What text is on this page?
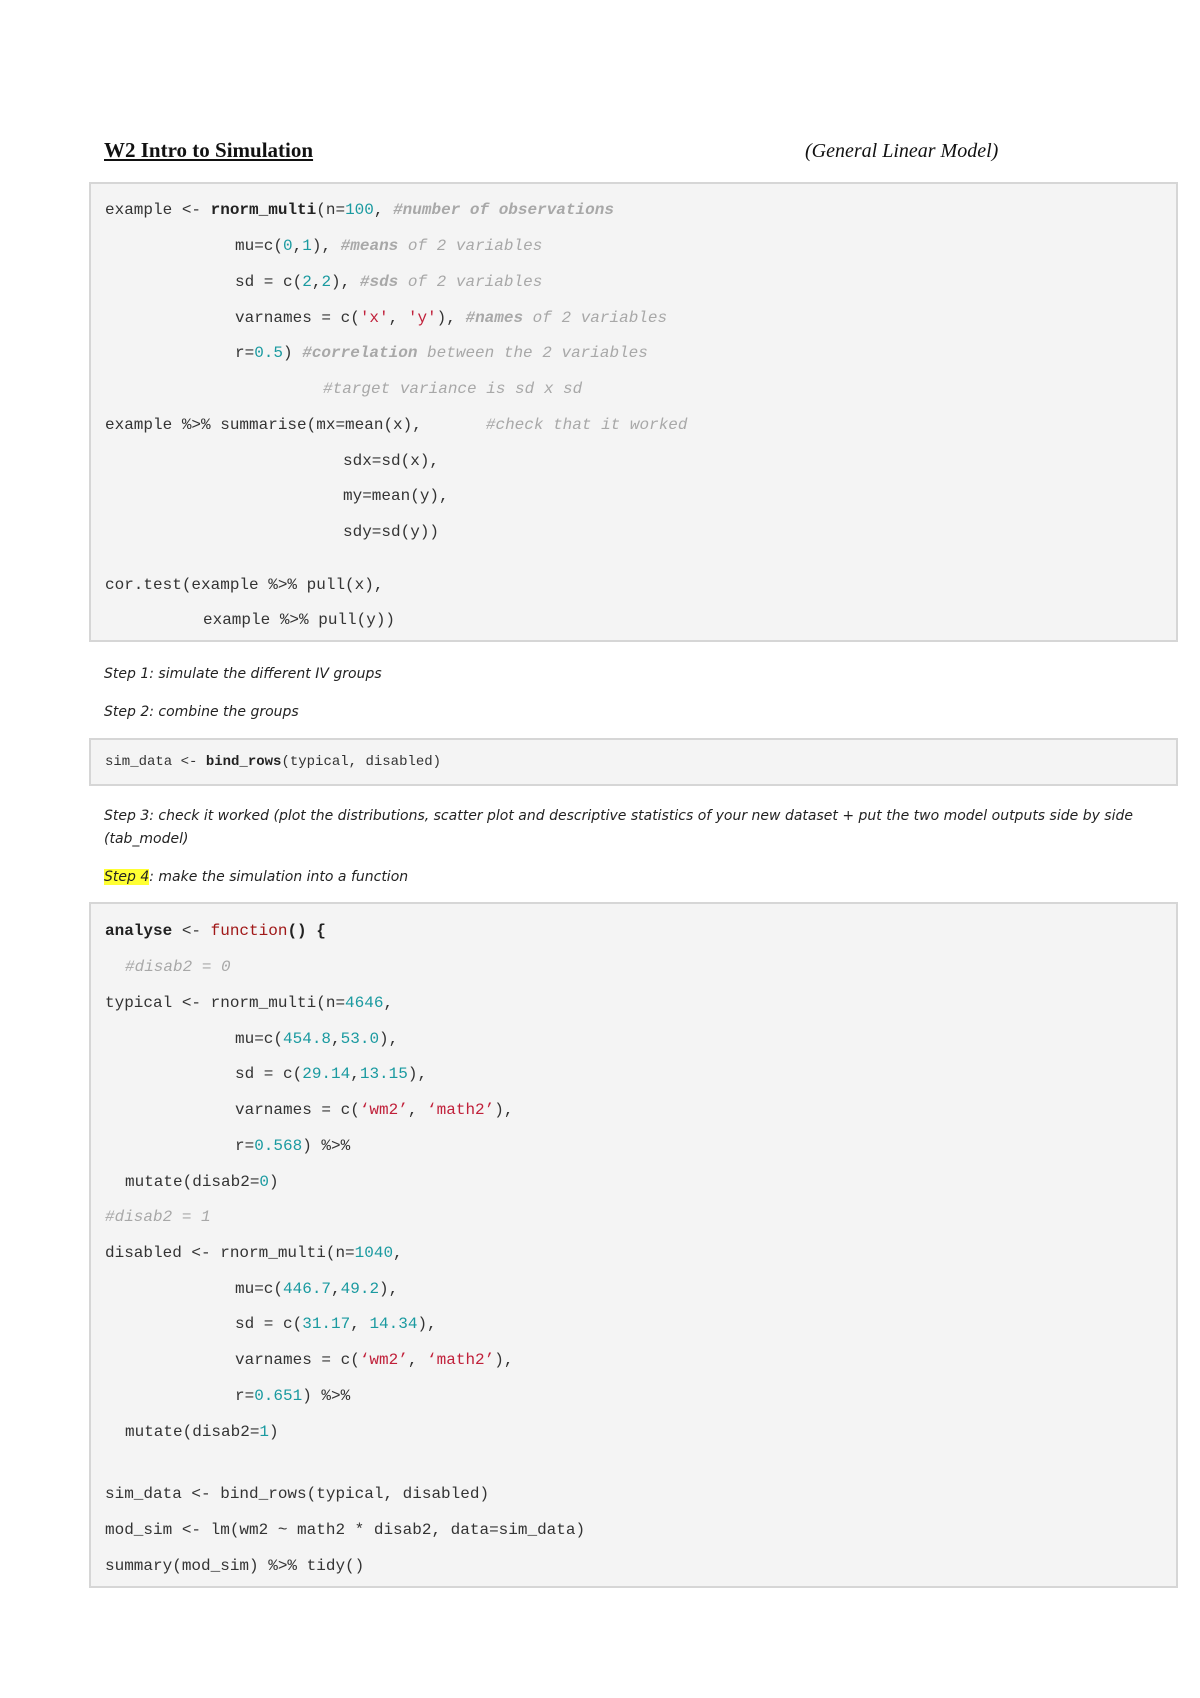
W2 Intro to Simulation	(General Linear Model)
example <- rnorm_multi(n=100, #number of observations
mu=c(0,1), #means of 2 variables
sd = c(2,2), #sds of 2 variables
varnames = c('x', 'y'), #names of 2 variables
r=0.5) #correlation between the 2 variables
#target variance is sd x sd
example %>% summarise(mx=mean(x),	#check that it worked
sdx=sd(x),
my=mean(y),
sdy=sd(y))
cor.test(example %>% pull(x),
example %>% pull(y))
Step 1: simulate the different IV groups
Step 2: combine the groups
sim_data <- bind_rows(typical, disabled)
Step 3: check it worked (plot the distributions, scatter plot and descriptive statistics of your new dataset + put the two model outputs side by side (tab_model)
Step 4: make the simulation into a function
analyse <- function() {
#disab2 = 0
typical <- rnorm_multi(n=4646,
mu=c(454.8,53.0),
sd = c(29.14,13.15),
varnames = c(‘wm2’, ‘math2’),
r=0.568) %>%
mutate(disab2=0)
#disab2 = 1
disabled <- rnorm_multi(n=1040,
mu=c(446.7,49.2),
sd = c(31.17, 14.34),
varnames = c(‘wm2’, ‘math2’),
r=0.651) %>%
mutate(disab2=1)
sim_data <- bind_rows(typical, disabled)
mod_sim <- lm(wm2 ~ math2 * disab2, data=sim_data)
summary(mod_sim) %>% tidy()
